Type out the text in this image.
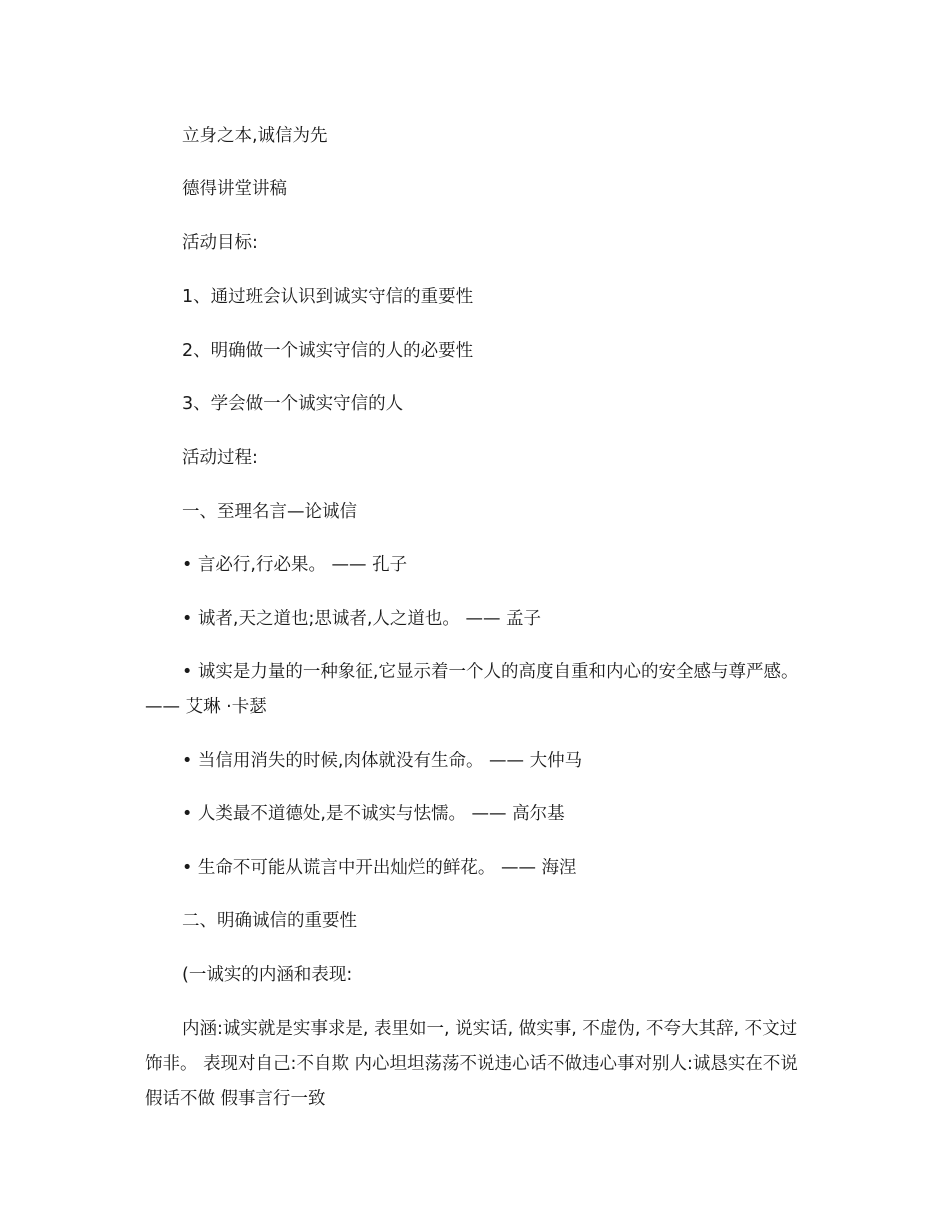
立身之本,诚信为先
德得讲堂讲稿
活动目标:
1、通过班会认识到诚实守信的重要性
2、明确做一个诚实守信的人的必要性
3、学会做一个诚实守信的人
活动过程:
一、至理名言—论诚信
• 言必行,行必果。 —— 孔子
• 诚者,天之道也;思诚者,人之道也。 —— 孟子
• 诚实是力量的一种象征,它显示着一个人的高度自重和内心的安全感与尊严感。 —— 艾琳 ·卡瑟
• 当信用消失的时候,肉体就没有生命。 —— 大仲马
• 人类最不道德处,是不诚实与怯懦。 —— 高尔基
• 生命不可能从谎言中开出灿烂的鲜花。 —— 海涅
二、明确诚信的重要性
(一诚实的内涵和表现:
内涵:诚实就是实事求是, 表里如一, 说实话, 做实事, 不虚伪, 不夸大其辞, 不文过饰非。 表现对自己:不自欺 内心坦坦荡荡不说违心话不做违心事对别人:诚恳实在不说假话不做 假事言行一致
